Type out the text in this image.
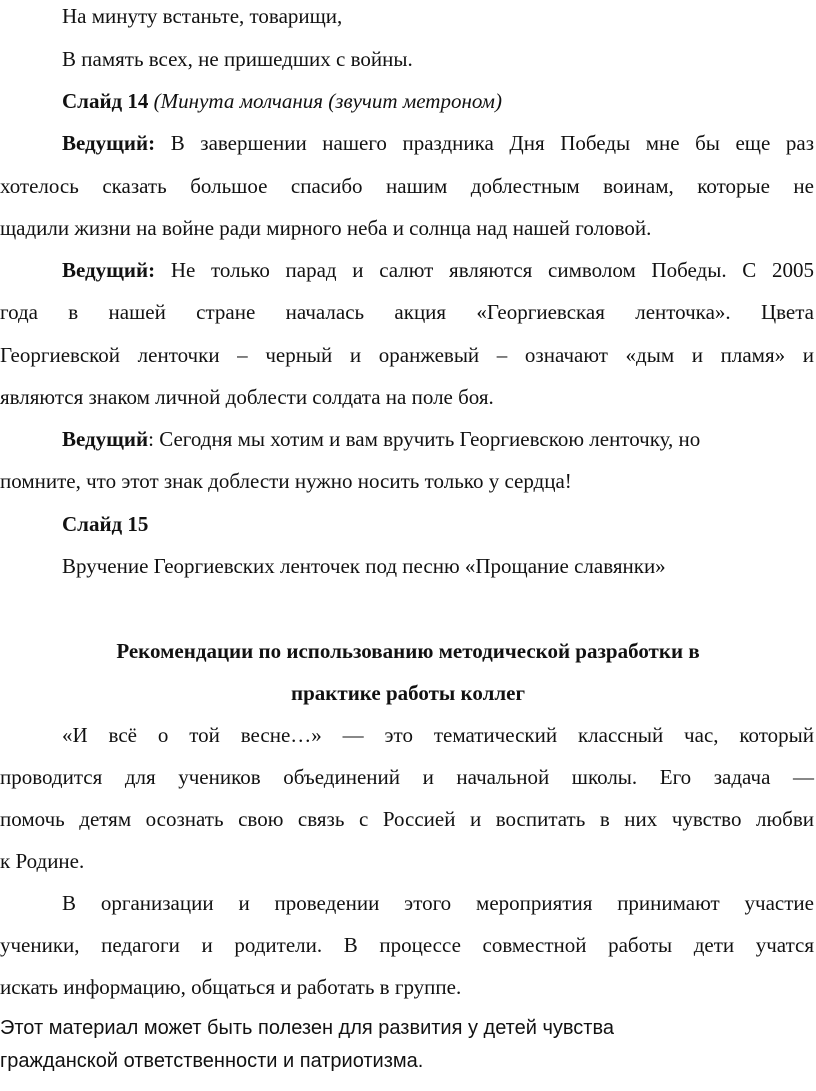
На минуту встаньте, товарищи,
В память всех, не пришедших с войны.
Слайд 14 (Минута молчания (звучит метроном)
Ведущий: В завершении нашего праздника Дня Победы мне бы еще раз
хотелось сказать большое спасибо нашим доблестным воинам, которые не
щадили жизни на войне ради мирного неба и солнца над нашей головой.
Ведущий: Не только парад и салют являются символом Победы. С 2005
года в нашей стране началась акция «Георгиевская ленточка». Цвета
Георгиевской ленточки – черный и оранжевый – означают «дым и пламя» и
являются знаком личной доблести солдата на поле боя.
Ведущий: Сегодня мы хотим и вам вручить Георгиевскою ленточку, но
помните, что этот знак доблести нужно носить только у сердца!
Слайд 15
Вручение Георгиевских ленточек под песню «Прощание славянки»
Рекомендации по использованию методической разработки в
практике работы коллег
«И всё о той весне…» — это тематический классный час, который
проводится для учеников объединений и начальной школы. Его задача —
помочь детям осознать свою связь с Россией и воспитать в них чувство любви
к Родине.
В организации и проведении этого мероприятия принимают участие
ученики, педагоги и родители. В процессе совместной работы дети учатся
искать информацию, общаться и работать в группе.
Этот материал может быть полезен для развития у детей чувства
гражданской ответственности и патриотизма.
